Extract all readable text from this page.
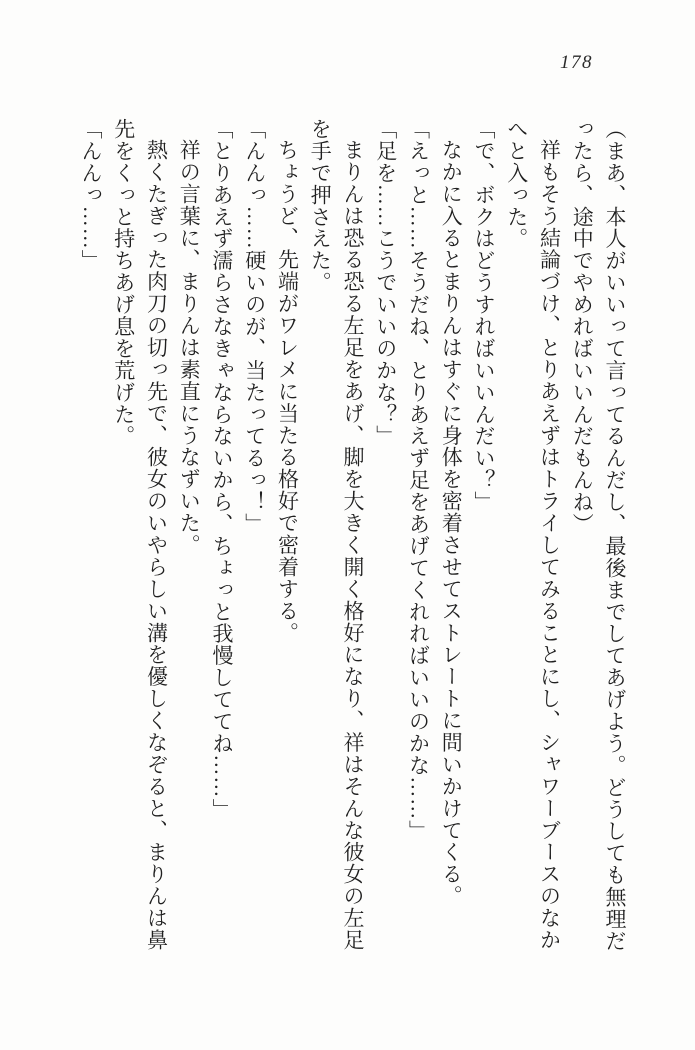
178

（まあ、本人がいいって言ってるんだし、最後までしてあげよう。どうしても無理だ

ったら、途中でやめればいいんだもんね）

祥もそう結論づけ、とりあえずはトライしてみることにし、シャワーブースのなか

へと入った。

「で、ボクはどうすればいいんだい？」

なかに入るとまりんはすぐに身体を密着させてストレートに問いかけてくる。

「えっと……そうだね、とりあえず足をあげてくれればいいのかな……」

「足を……こうでいいのかな？」

まりんは恐る恐る左足をあげ、脚を大きく開く格好になり、祥はそんな彼女の左足

を手で押さえた。

ちょうど、先端がワレメに当たる格好で密着する。

「んんっ……硬いのが、当たってるっ！」

「とりあえず濡らさなきゃならないから、ちょっと我慢しててね……」

祥の言葉に、まりんは素直にうなずいた。

熱くたぎった肉刀の切っ先で、彼女のいやらしい溝を優しくなぞると、まりんは鼻

先をくっと持ちあげ息を荒げた。

「んんっ……」
